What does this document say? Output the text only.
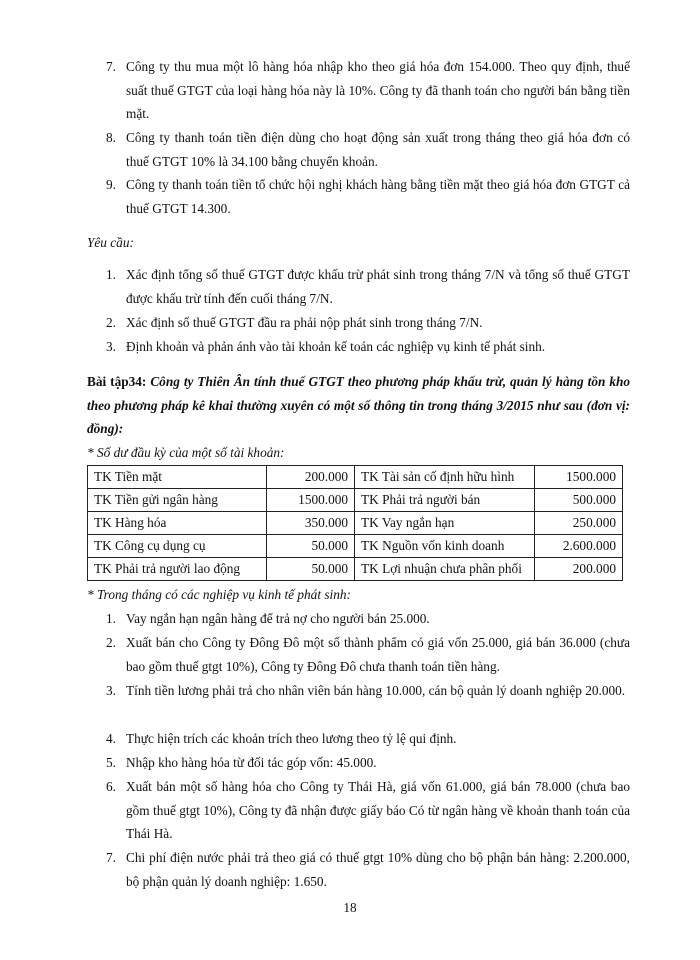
7. Công ty thu mua một lô hàng hóa nhập kho theo giá hóa đơn 154.000. Theo quy định, thuế suất thuế GTGT của loại hàng hóa này là 10%. Công ty đã thanh toán cho người bán bằng tiền mặt.
8. Công ty thanh toán tiền điện dùng cho hoạt động sản xuất trong tháng theo giá hóa đơn có thuế GTGT 10% là 34.100 bằng chuyển khoản.
9. Công ty thanh toán tiền tổ chức hội nghị khách hàng bằng tiền mặt theo giá hóa đơn GTGT cả thuế GTGT 14.300.
Yêu cầu:
1. Xác định tổng số thuế GTGT được khấu trừ phát sinh trong tháng 7/N và tổng số thuế GTGT được khấu trừ tính đến cuối tháng 7/N.
2. Xác định số thuế GTGT đầu ra phải nộp phát sinh trong tháng 7/N.
3. Định khoản và phản ánh vào tài khoản kế toán các nghiệp vụ kinh tế phát sinh.
Bài tập34: Công ty Thiên Ân tính thuế GTGT theo phương pháp khấu trừ, quản lý hàng tồn kho theo phương pháp kê khai thường xuyên có một số thông tin trong tháng 3/2015 như sau (đơn vị: đồng):
* Số dư đầu kỳ của một số tài khoản:
TK Tiền mặt	200.000	TK Tài sản cố định hữu hình	1500.000
TK Tiền gửi ngân hàng	1500.000	TK Phải trả người bán	500.000
TK Hàng hóa	350.000	TK Vay ngắn hạn	250.000
TK Công cụ dụng cụ	50.000	TK Nguồn vốn kinh doanh	2.600.000
TK Phải trả người lao động	50.000	TK Lợi nhuận chưa phân phối	200.000
* Trong tháng có các nghiệp vụ kinh tế phát sinh:
1. Vay ngắn hạn ngân hàng để trả nợ cho người bán 25.000.
2. Xuất bán cho Công ty Đông Đô một số thành phẩm có giá vốn 25.000, giá bán 36.000 (chưa bao gồm thuế gtgt 10%), Công ty Đông Đô chưa thanh toán tiền hàng.
3. Tính tiền lương phải trả cho nhân viên bán hàng 10.000, cán bộ quản lý doanh nghiệp 20.000.
4. Thực hiện trích các khoản trích theo lương theo tỷ lệ qui định.
5. Nhập kho hàng hóa từ đối tác góp vốn: 45.000.
6. Xuất bán một số hàng hóa cho Công ty Thái Hà, giá vốn 61.000, giá bán 78.000 (chưa bao gồm thuế gtgt 10%), Công ty đã nhận được giấy báo Có từ ngân hàng về khoản thanh toán của Thái Hà.
7. Chi phí điện nước phải trả theo giá có thuế gtgt 10% dùng cho bộ phận bán hàng: 2.200.000, bộ phận quản lý doanh nghiệp: 1.650.
18
